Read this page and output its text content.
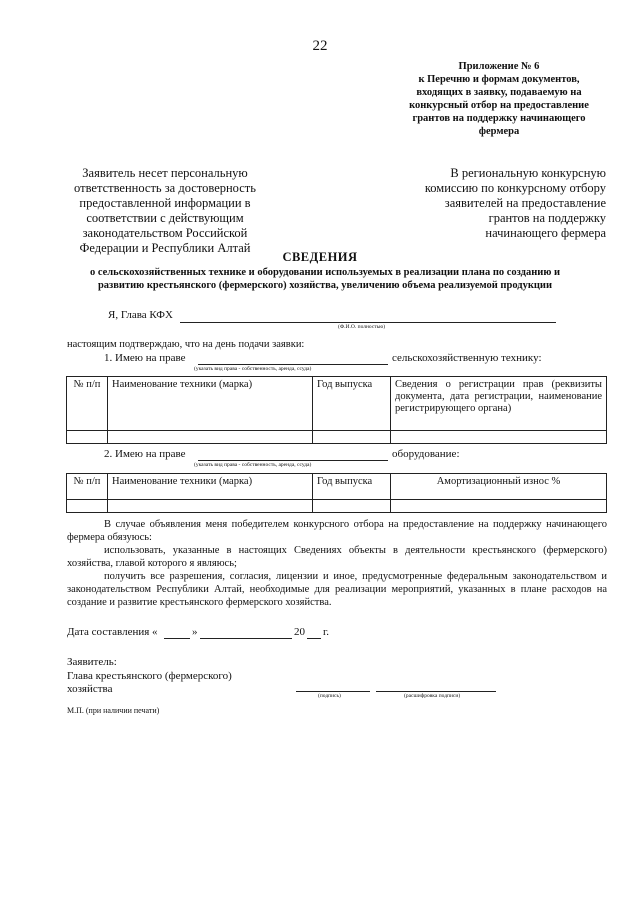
22
Приложение № 6
к Перечню и формам документов,
входящих в заявку, подаваемую на
конкурсный отбор на предоставление
грантов на поддержку начинающего
фермера
Заявитель несет персональную
ответственность за достоверность
предоставленной информации в
соответствии с действующим
законодательством Российской
Федерации и Республики Алтай
В региональную конкурсную
комиссию по конкурсному отбору
заявителей на предоставление
грантов на поддержку
начинающего фермера
СВЕДЕНИЯ
о сельскохозяйственных технике и оборудовании используемых в реализации плана по созданию и
развитию крестьянского (фермерского) хозяйства, увеличению объема реализуемой продукции
Я, Глава КФХ
(Ф.И.О. полностью)
настоящим подтверждаю, что на день подачи заявки:
1. Имею на праве
(указать вид права - собственность, аренда, ссуда)
сельскохозяйственную технику:
№ п/п	Наименование техники (марка)	Год выпуска	Сведения о регистрации прав (реквизиты документа, дата регистрации, наименование регистрирующего органа)

2. Имею на праве
(указать вид права - собственность, аренда, ссуда)
оборудование:
№ п/п	Наименование техники (марка)	Год выпуска	Амортизационный износ %

В случае объявления меня победителем конкурсного отбора на предоставление на поддержку начинающего фермера обязуюсь:
использовать, указанные в настоящих Сведениях объекты в деятельности крестьянского (фермерского) хозяйства, главой которого я являюсь;
получить все разрешения, согласия, лицензии и иное, предусмотренные федеральным законодательством и законодательством Республики Алтай, необходимые для реализации мероприятий, указанных в плане расходов на создание и развитие крестьянского фермерского хозяйства.
Дата составления «	»	20 г.
Заявитель:
Глава крестьянского (фермерского)
хозяйства
(подпись)	(расшифровка подписи)
М.П. (при наличии печати)
